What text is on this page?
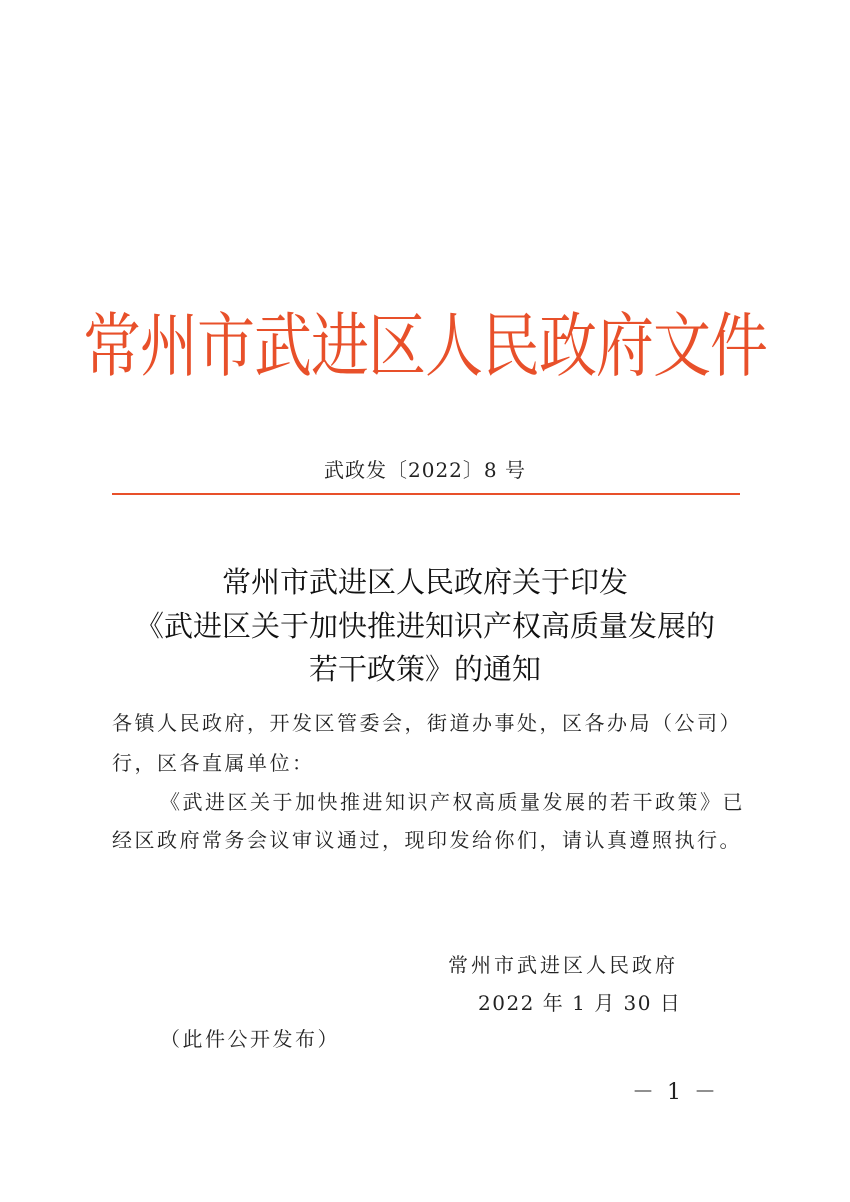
常州市武进区人民政府文件
武政发〔2022〕8 号
常州市武进区人民政府关于印发
《武进区关于加快推进知识产权高质量发展的
若干政策》的通知
各镇人民政府，开发区管委会，街道办事处，区各办局（公司）
行，区各直属单位：
《武进区关于加快推进知识产权高质量发展的若干政策》已
经区政府常务会议审议通过，现印发给你们，请认真遵照执行。
常州市武进区人民政府
2022 年 1 月 30 日
（此件公开发布）
－ 1 －
